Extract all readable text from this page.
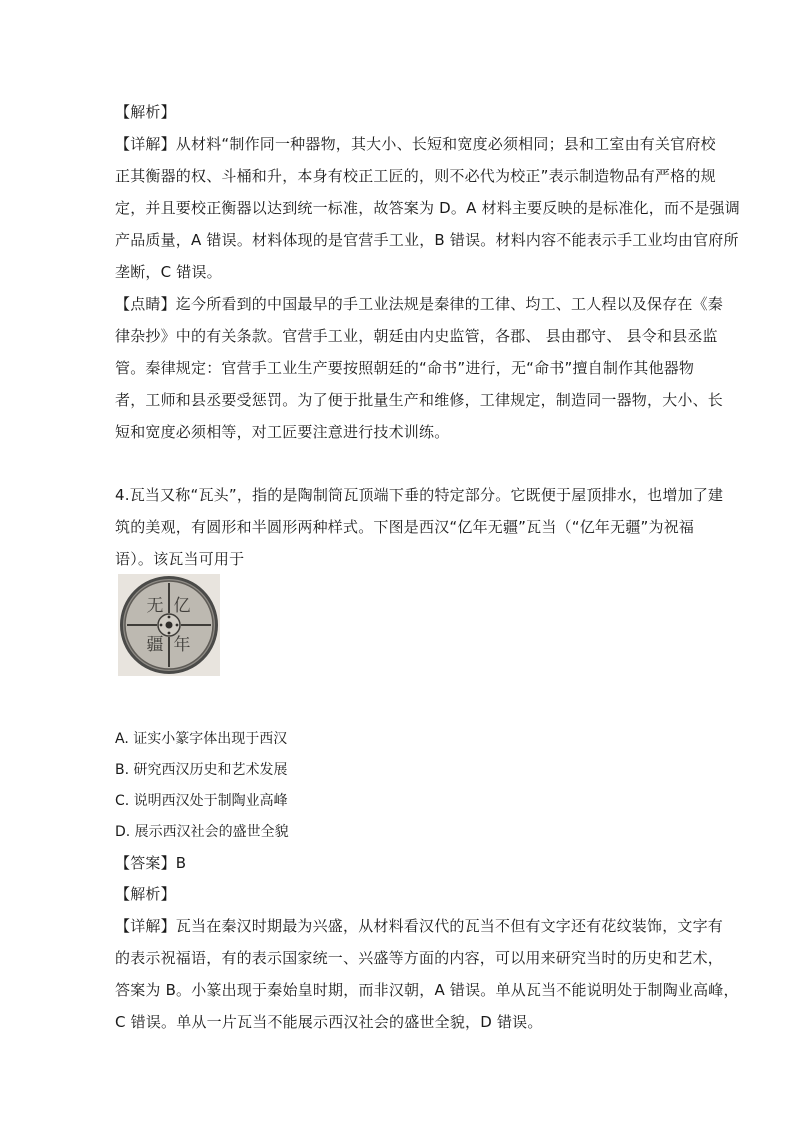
【解析】
【详解】从材料“制作同一种器物，其大小、长短和宽度必须相同；县和工室由有关官府校
正其衡器的权、斗桶和升，本身有校正工匠的，则不必代为校正”表示制造物品有严格的规
定，并且要校正衡器以达到统一标准，故答案为 D。A 材料主要反映的是标准化，而不是强调
产品质量，A 错误。材料体现的是官营手工业，B 错误。材料内容不能表示手工业均由官府所
垄断，C 错误。
【点睛】迄今所看到的中国最早的手工业法规是秦律的工律、均工、工人程以及保存在《秦
律杂抄》中的有关条款。官营手工业，朝廷由内史监管，各郡、 县由郡守、 县令和县丞监
管。秦律规定：官营手工业生产要按照朝廷的“命书”进行，无“命书”擅自制作其他器物
者，工师和县丞要受惩罚。为了便于批量生产和维修，工律规定，制造同一器物，大小、长
短和宽度必须相等，对工匠要注意进行技术训练。
4.瓦当又称“瓦头”，指的是陶制筒瓦顶端下垂的特定部分。它既便于屋顶排水，也增加了建
筑的美观，有圆形和半圆形两种样式。下图是西汉“亿年无疆”瓦当（“亿年无疆”为祝福
语）。该瓦当可用于
亿
年
无
疆
A. 证实小篆字体出现于西汉
B. 研究西汉历史和艺术发展
C. 说明西汉处于制陶业高峰
D. 展示西汉社会的盛世全貌
【答案】B
【解析】
【详解】瓦当在秦汉时期最为兴盛，从材料看汉代的瓦当不但有文字还有花纹装饰，文字有
的表示祝福语，有的表示国家统一、兴盛等方面的内容，可以用来研究当时的历史和艺术，
答案为 B。小篆出现于秦始皇时期，而非汉朝，A 错误。单从瓦当不能说明处于制陶业高峰，
C 错误。单从一片瓦当不能展示西汉社会的盛世全貌，D 错误。
